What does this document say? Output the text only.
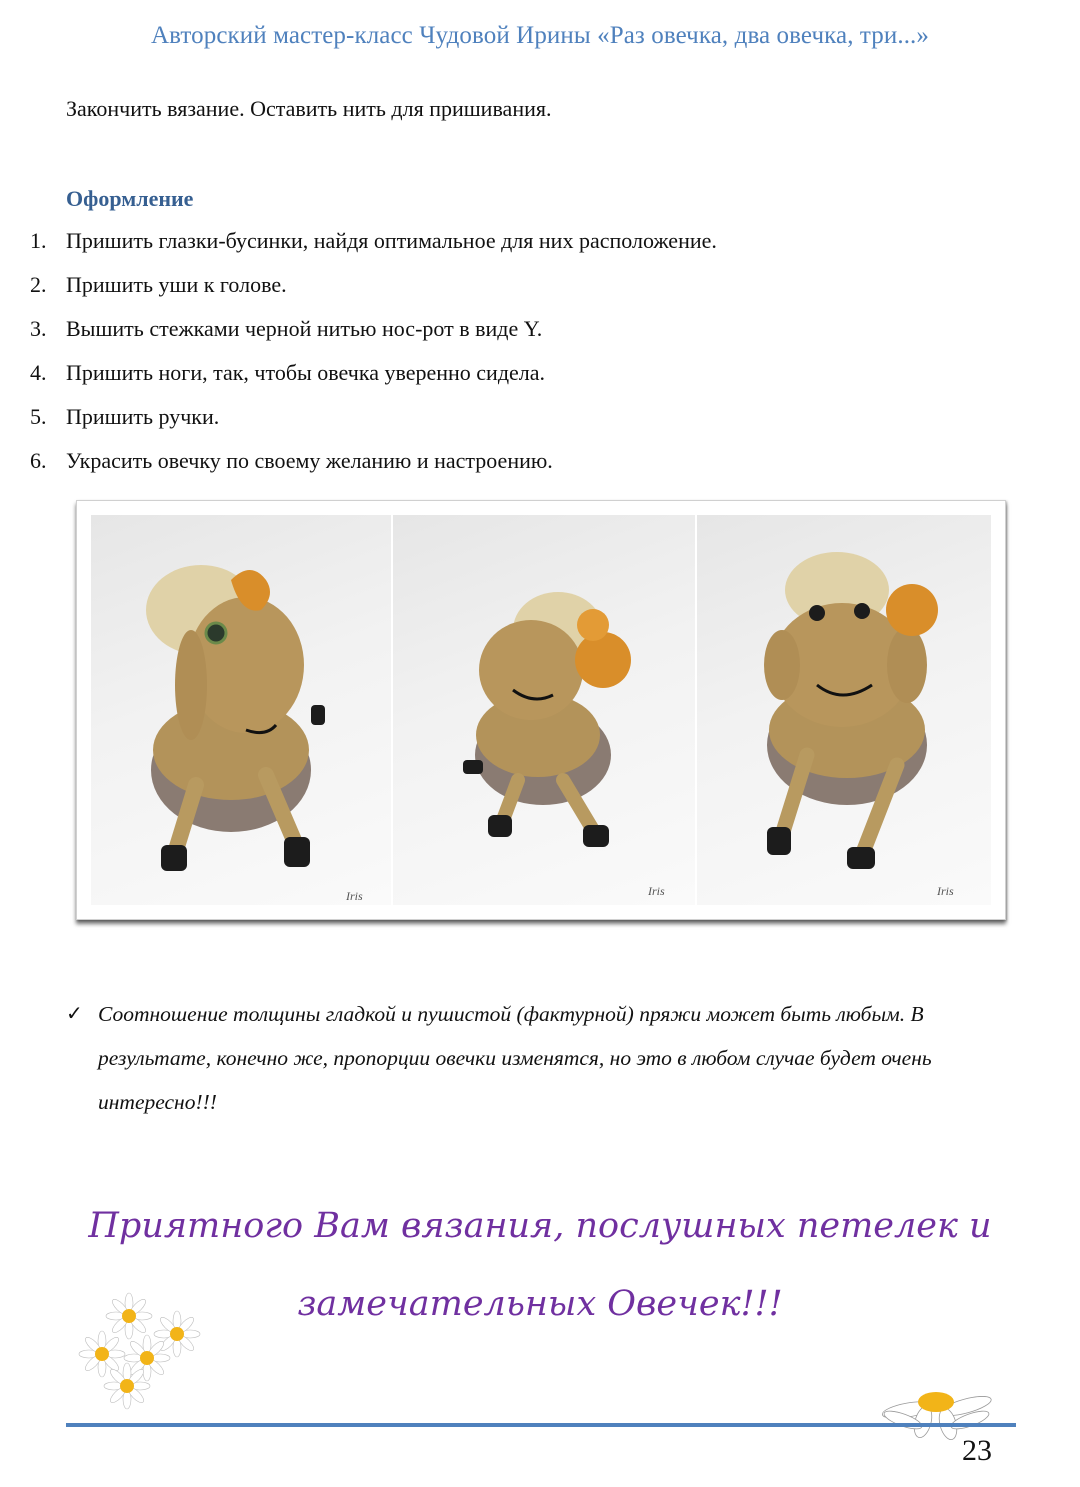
Авторский мастер-класс Чудовой Ирины «Раз овечка, два овечка, три...»
Закончить вязание. Оставить нить для пришивания.
Оформление
1. Пришить глазки-бусинки, найдя оптимальное для них расположение.
2. Пришить уши к голове.
3. Вышить стежками черной нитью нос-рот в виде Y.
4. Пришить ноги, так, чтобы овечка уверенно сидела.
5. Пришить ручки.
6. Украсить овечку по своему желанию и настроению.
Iris	Iris	Iris
✓ Соотношение толщины гладкой и пушистой (фактурной) пряжи может быть любым. В результате, конечно же, пропорции овечки изменятся, но это в любом случае будет очень интересно!!!
Приятного Вам вязания, послушных петелек и
замечательных Овечек!!!
23
